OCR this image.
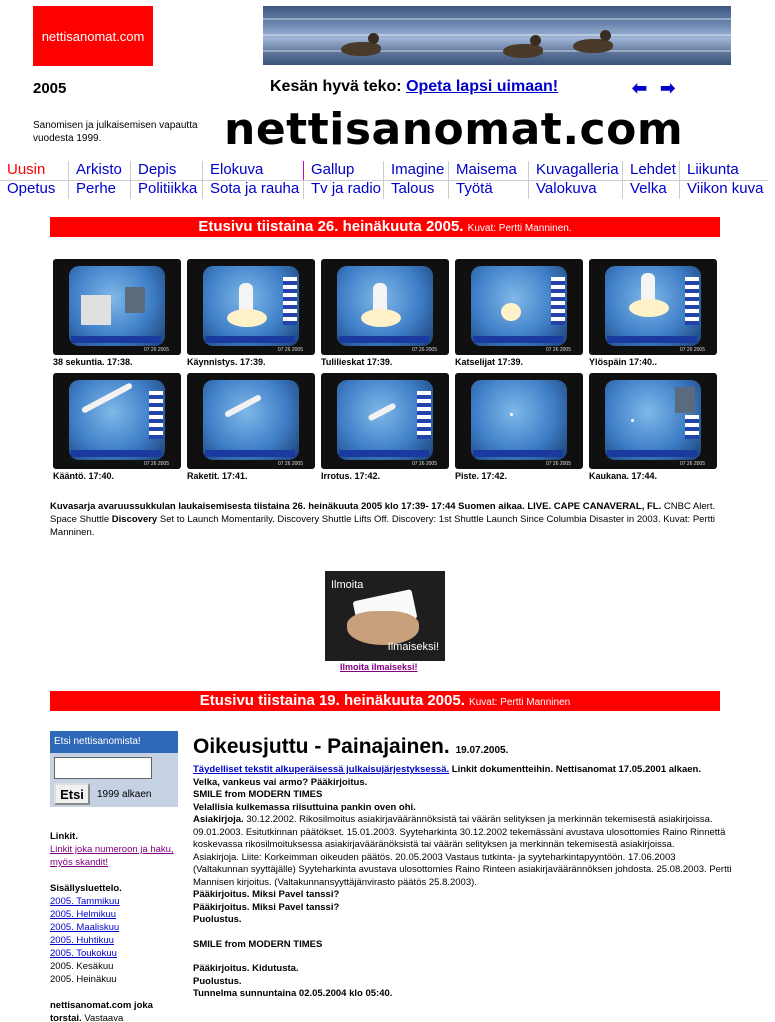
nettisanomat.com
2005	Kesän hyvä teko: Opeta lapsi uimaan!	⬅ ➡
Sanomisen ja julkaisemisen vapautta vuodesta 1999.	nettisanomat.com
Uusin	Arkisto	Depis	Elokuva	Gallup	Imagine Maisema	Kuvagalleria Lehdet Liikunta
Opetus	Perhe	Politiikka Sota ja rauha Tv ja radio Talous	Työtä	Valokuva	Velka	Viikon kuva
Etusivu tiistaina 26. heinäkuuta 2005. Kuvat: Pertti Manninen.
07 26 2005	07 26 2005	07 26 2005	07 26 2005	07 26 2005
38 sekuntia. 17:38.	Käynnistys. 17:39.	Tulilieskat 17:39.	Katselijat 17:39.	Ylöspäin 17:40..
07 26 2005	07 26 2005	07 26 2005	07 26 2005	07 26 2005
Kääntö. 17:40.	Raketit. 17:41.	Irrotus. 17:42.	Piste. 17:42.	Kaukana. 17:44.
Kuvasarja avaruussukkulan laukaisemisesta tiistaina 26. heinäkuuta 2005 klo 17:39- 17:44 Suomen aikaa. LIVE. CAPE CANAVERAL, FL. CNBC Alert. Space Shuttle Discovery Set to Launch Momentarily. Discovery Shuttle Lifts Off. Discovery: 1st Shuttle Launch Since Columbia Disaster in 2003. Kuvat: Pertti Manninen.
Ilmoita
Ilmaiseksi!
Ilmoita ilmaiseksi!
Etusivu tiistaina 19. heinäkuuta 2005. Kuvat: Pertti Manninen
Etsi nettisanomista!
Etsi	1999 alkaen
Linkit.
Linkit joka numeroon ja haku, myös skandit!
Sisällysluettelo.
2005. Tammikuu
2005. Helmikuu
2005. Maaliskuu
2005. Huhtikuu
2005. Toukokuu
2005. Kesäkuu
2005. Heinäkuu
nettisanomat.com joka torstai. Vastaava
Oikeusjuttu - Painajainen. 19.07.2005.
Täydelliset tekstit alkuperäisessä julkaisujärjestyksessä. Linkit dokumentteihin. Nettisanomat 17.05.2001 alkaen.
Velka, vankeus vai armo? Pääkirjoitus.
SMILE from MODERN TIMES
Velallisia kulkemassa riisuttuina pankin oven ohi.
Asiakirjoja. 30.12.2002. Rikosilmoitus asiakirjaväärännöksistä tai väärän selityksen ja merkinnän tekemisestä asiakirjoissa. 09.01.2003. Esitutkinnan päätökset. 15.01.2003. Syyteharkinta 30.12.2002 tekemässäni avustava ulosottomies Raino Rinnettä koskevassa rikosilmoituksessa asiakirjavääränöksistä tai väärän selityksen ja merkinnän tekemisestä asiakirjoissa.
Asiakirjoja. Liite: Korkeimman oikeuden päätös. 20.05.2003 Vastaus tutkinta- ja syyteharkintapyyntöön. 17.06.2003 (Valtakunnan syyttäjälle) Syyteharkinta avustava ulosottomies Raino Rinteen asiakirjaväärännöksen johdosta. 25.08.2003. Pertti Mannisen kirjoitus. (Valtakunnansyyttäjänvirasto päätös 25.8.2003).
Pääkirjoitus. Miksi Pavel tanssi?
Pääkirjoitus. Miksi Pavel tanssi?
Puolustus.
SMILE from MODERN TIMES
Pääkirjoitus. Kidutusta.
Puolustus.
Tunnelma sunnuntaina 02.05.2004 klo 05:40.
